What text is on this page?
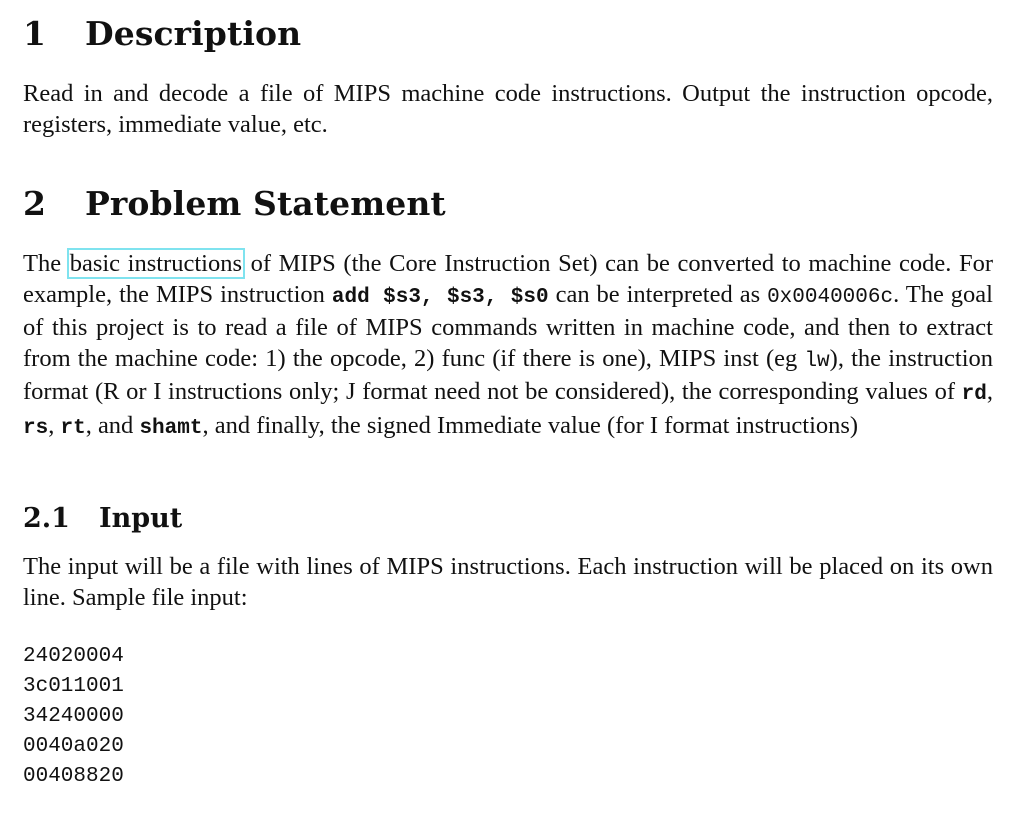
1 Description

Read in and decode a file of MIPS machine code instructions. Output the instruction opcode, registers, immediate value, etc.

2 Problem Statement

The basic instructions of MIPS (the Core Instruction Set) can be converted to machine code. For example, the MIPS instruction add $s3, $s3, $s0 can be interpreted as 0x0040006c. The goal of this project is to read a file of MIPS commands written in machine code, and then to extract from the machine code: 1) the opcode, 2) func (if there is one), MIPS inst (eg lw), the instruction format (R or I instructions only; J format need not be considered), the corresponding values of rd, rs, rt, and shamt, and finally, the signed Immediate value (for I format instructions)

2.1 Input

The input will be a file with lines of MIPS instructions. Each instruction will be placed on its own line. Sample file input:

24020004
3c011001
34240000
0040a020
00408820
